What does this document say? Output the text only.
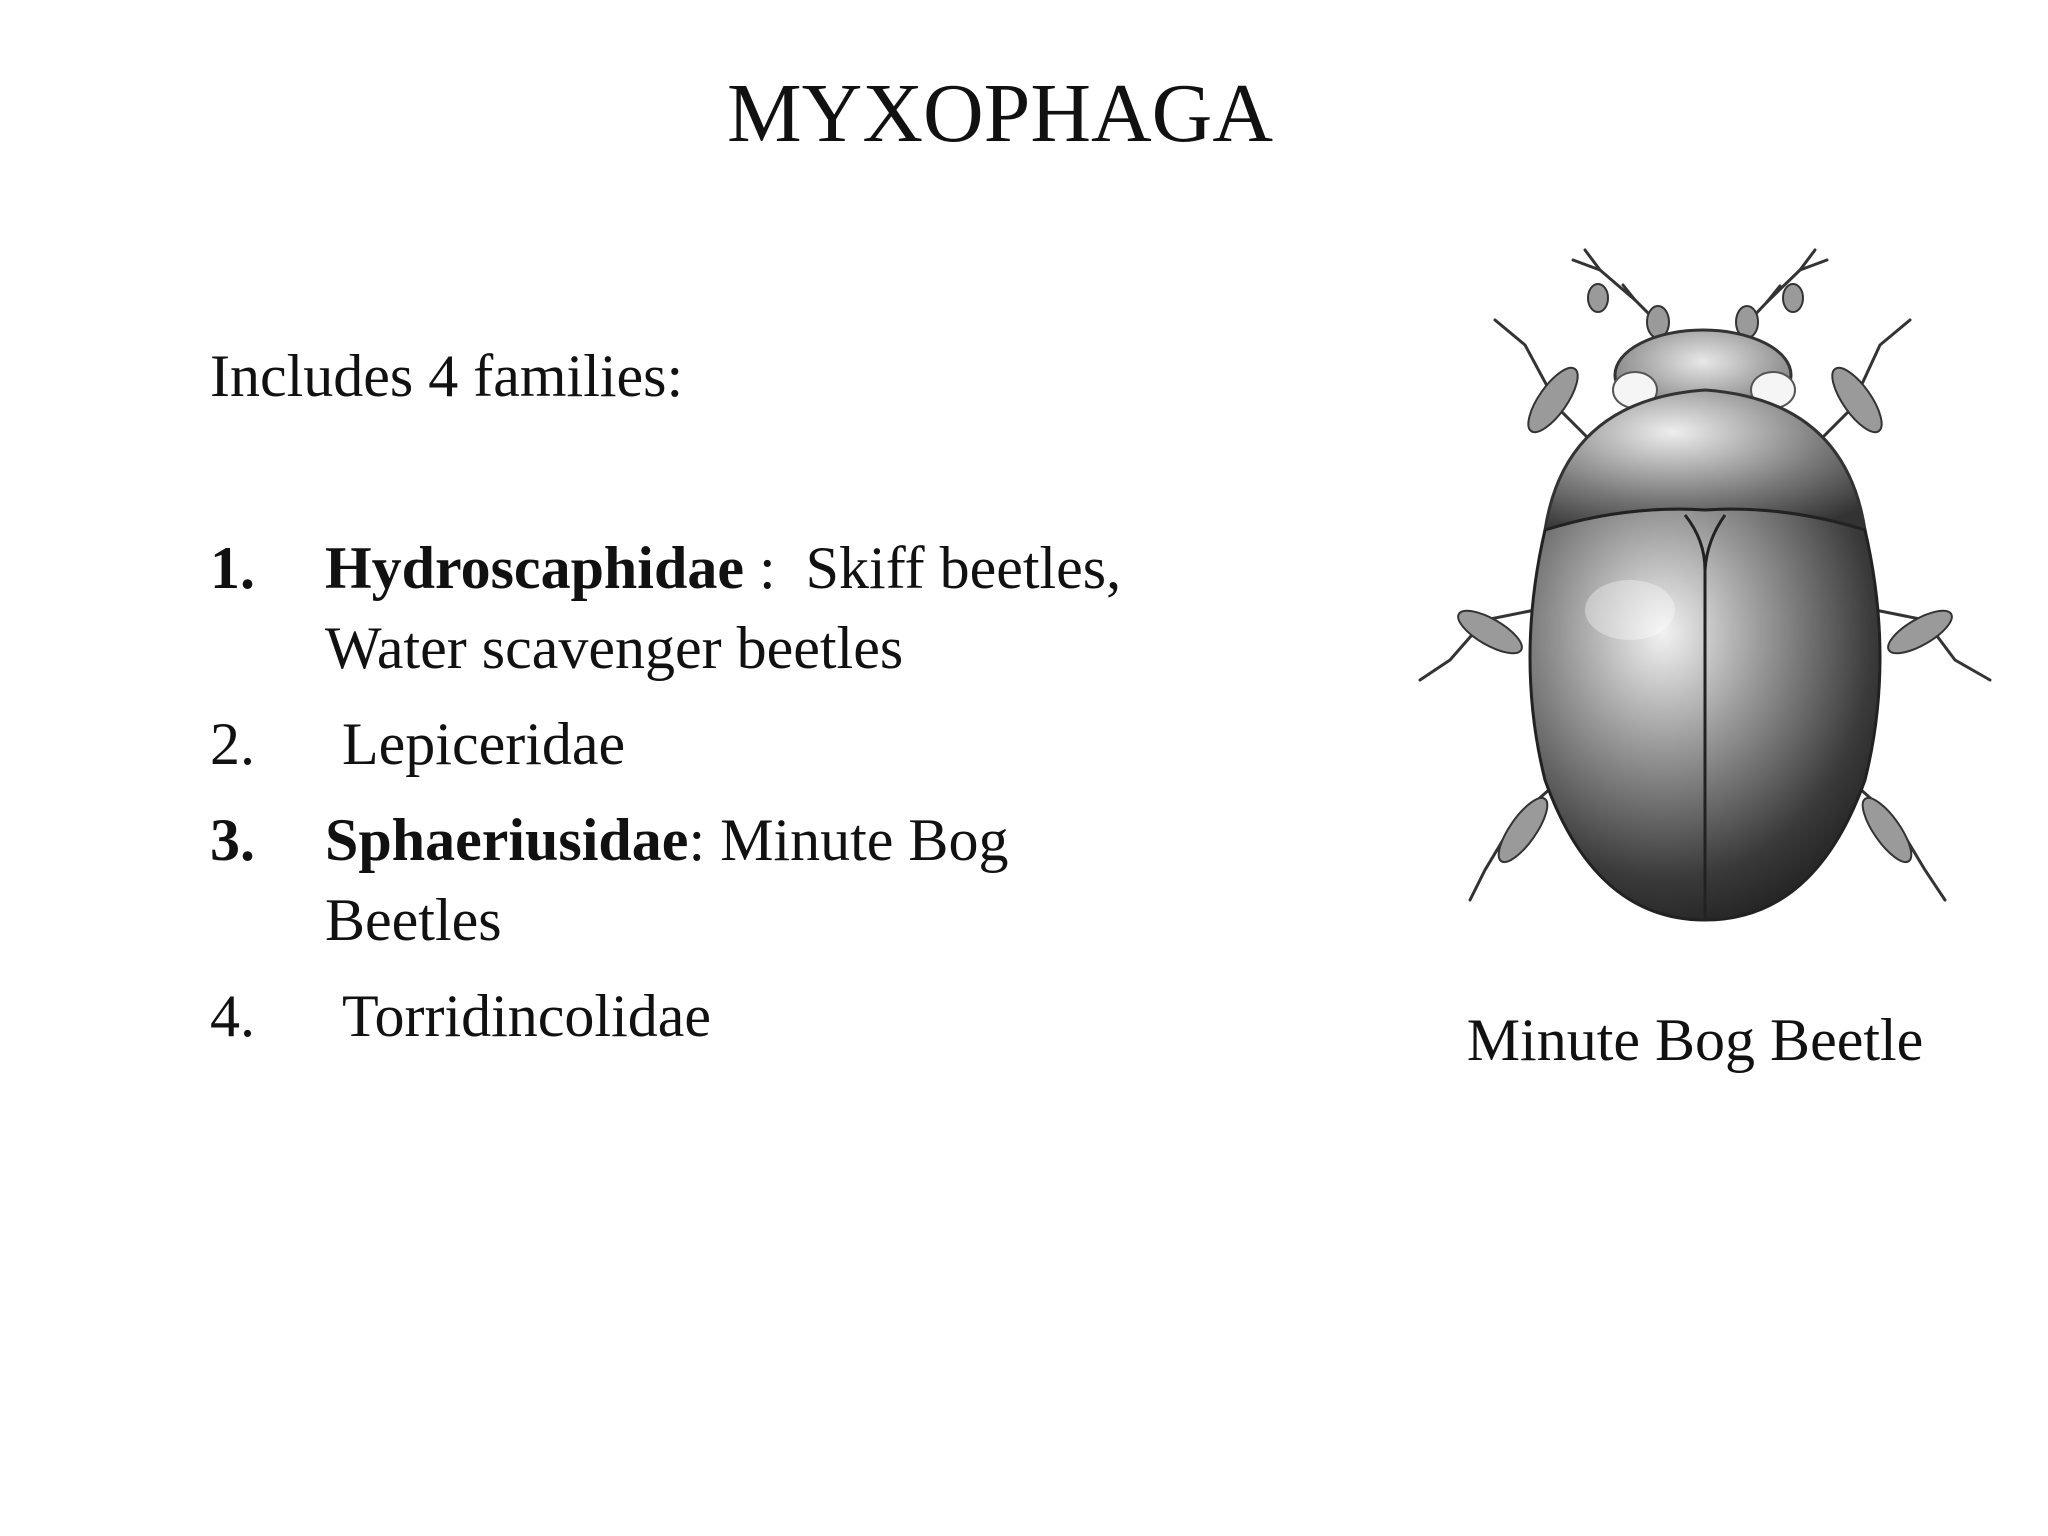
MYXOPHAGA

Includes 4 families:

1. Hydroscaphidae :  Skiff beetles,
Water scavenger beetles
2. Lepiceridae
3. Sphaeriusidae: Minute Bog
Beetles
4. Torridincolidae	Minute Bog Beetle
